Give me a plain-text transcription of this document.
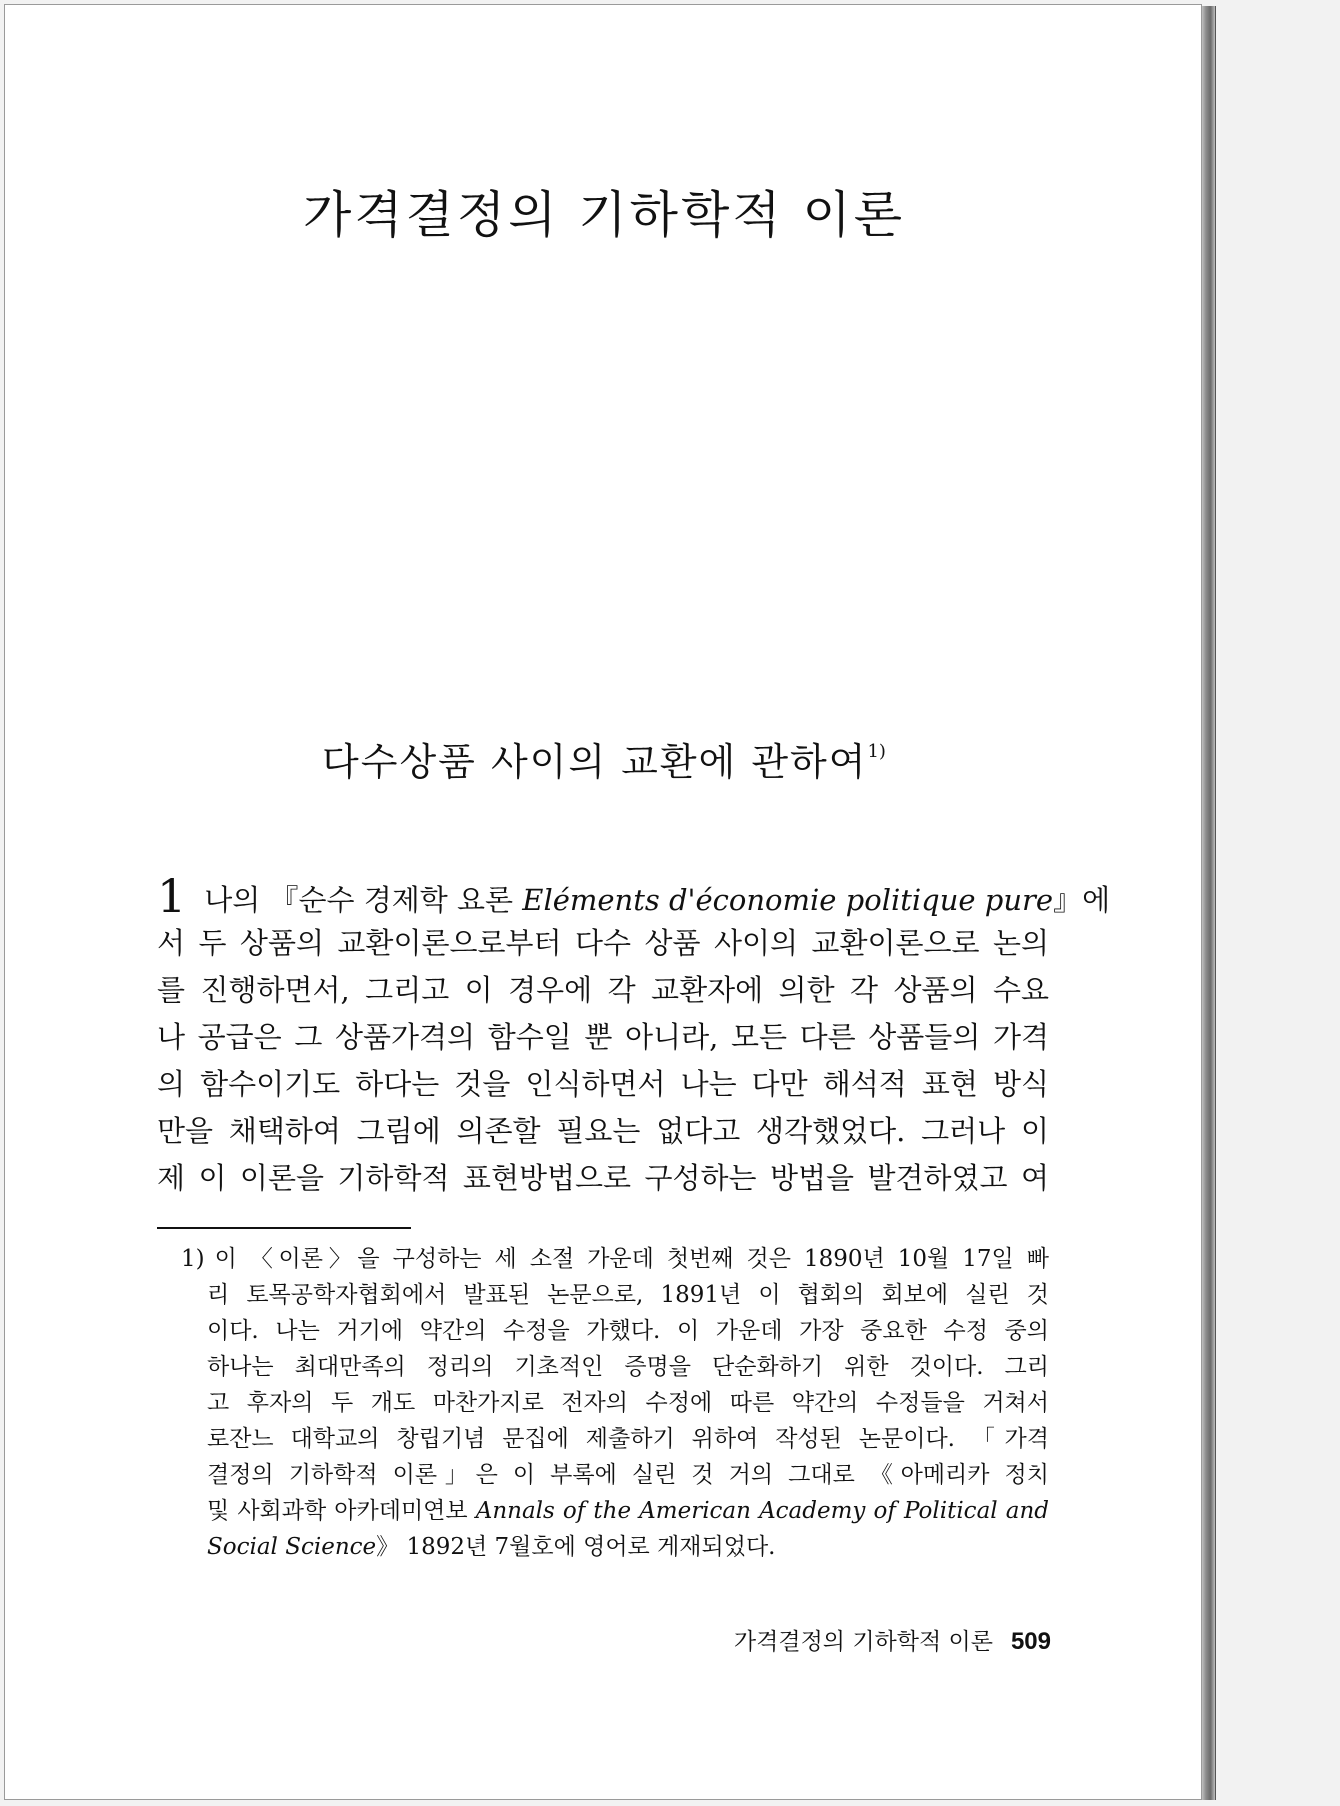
가격결정의 기하학적 이론
다수상품 사이의 교환에 관하여$^{1)}$
1 나의 『순수 경제학 요론 Eléments d'économie politique pure』에
서 두 상품의 교환이론으로부터 다수 상품 사이의 교환이론으로 논의
를 진행하면서, 그리고 이 경우에 각 교환자에 의한 각 상품의 수요
나 공급은 그 상품가격의 함수일 뿐 아니라, 모든 다른 상품들의 가격
의 함수이기도 하다는 것을 인식하면서 나는 다만 해석적 표현 방식
만을 채택하여 그림에 의존할 필요는 없다고 생각했었다. 그러나 이
제 이 이론을 기하학적 표현방법으로 구성하는 방법을 발견하였고 여
1) 이 〈이론〉을 구성하는 세 소절 가운데 첫번째 것은 1890년 10월 17일 빠
리 토목공학자협회에서 발표된 논문으로, 1891년 이 협회의 회보에 실린 것
이다. 나는 거기에 약간의 수정을 가했다. 이 가운데 가장 중요한 수정 중의
하나는 최대만족의 정리의 기초적인 증명을 단순화하기 위한 것이다. 그리
고 후자의 두 개도 마찬가지로 전자의 수정에 따른 약간의 수정들을 거쳐서
로잔느 대학교의 창립기념 문집에 제출하기 위하여 작성된 논문이다. 「가격
결정의 기하학적 이론」은 이 부록에 실린 것 거의 그대로 《아메리카 정치
및 사회과학 아카데미연보 Annals of the American Academy of Political and
Social Science》 1892년 7월호에 영어로 게재되었다.
가격결정의 기하학적 이론 509
